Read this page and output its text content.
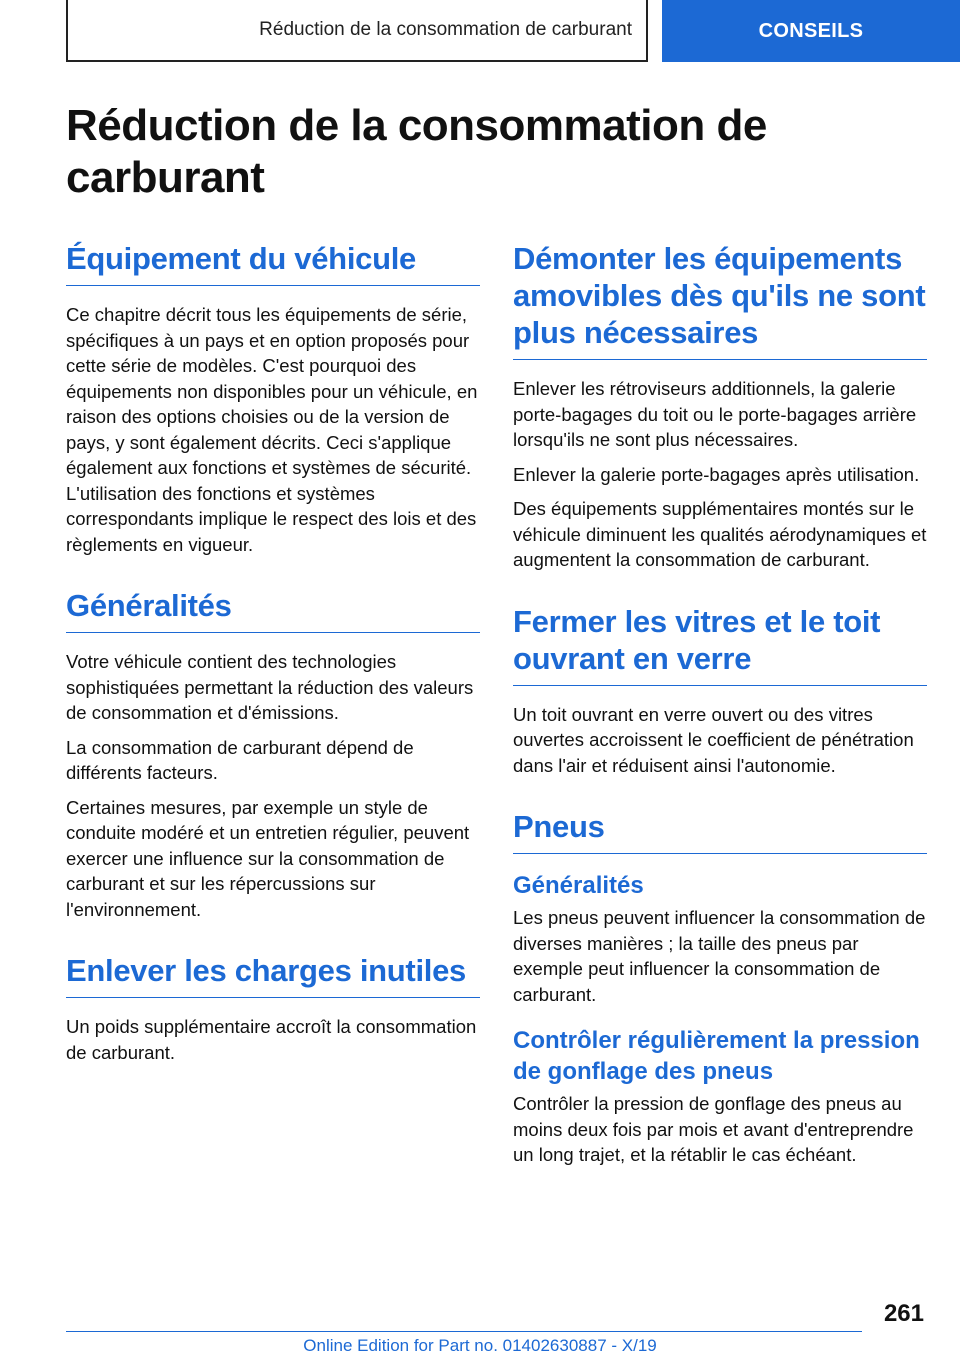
Réduction de la consommation de carburant	CONSEILS
Réduction de la consommation de carburant
Équipement du véhicule

Ce chapitre décrit tous les équipements de série, spécifiques à un pays et en option proposés pour cette série de modèles. C'est pourquoi des équipements non disponibles pour un véhicule, en raison des options choisies ou de la version de pays, y sont également décrits. Ceci s'applique également aux fonctions et systèmes de sécurité. L'utilisation des fonctions et systèmes correspondants implique le respect des lois et des règlements en vigueur.

Généralités

Votre véhicule contient des technologies sophistiquées permettant la réduction des valeurs de consommation et d'émissions.

La consommation de carburant dépend de différents facteurs.

Certaines mesures, par exemple un style de conduite modéré et un entretien régulier, peuvent exercer une influence sur la consommation de carburant et sur les répercussions sur l'environnement.

Enlever les charges inutiles

Un poids supplémentaire accroît la consommation de carburant.

Démonter les équipements amovibles dès qu'ils ne sont plus nécessaires

Enlever les rétroviseurs additionnels, la galerie porte-bagages du toit ou le porte-bagages arrière lorsqu'ils ne sont plus nécessaires.

Enlever la galerie porte-bagages après utilisation.

Des équipements supplémentaires montés sur le véhicule diminuent les qualités aérodynamiques et augmentent la consommation de carburant.

Fermer les vitres et le toit ouvrant en verre

Un toit ouvrant en verre ouvert ou des vitres ouvertes accroissent le coefficient de pénétration dans l'air et réduisent ainsi l'autonomie.

Pneus
Généralités

Les pneus peuvent influencer la consommation de diverses manières ; la taille des pneus par exemple peut influencer la consommation de carburant.

Contrôler régulièrement la pression de gonflage des pneus

Contrôler la pression de gonflage des pneus au moins deux fois par mois et avant d'entreprendre un long trajet, et la rétablir le cas échéant.

261
Online Edition for Part no. 01402630887 - X/19
